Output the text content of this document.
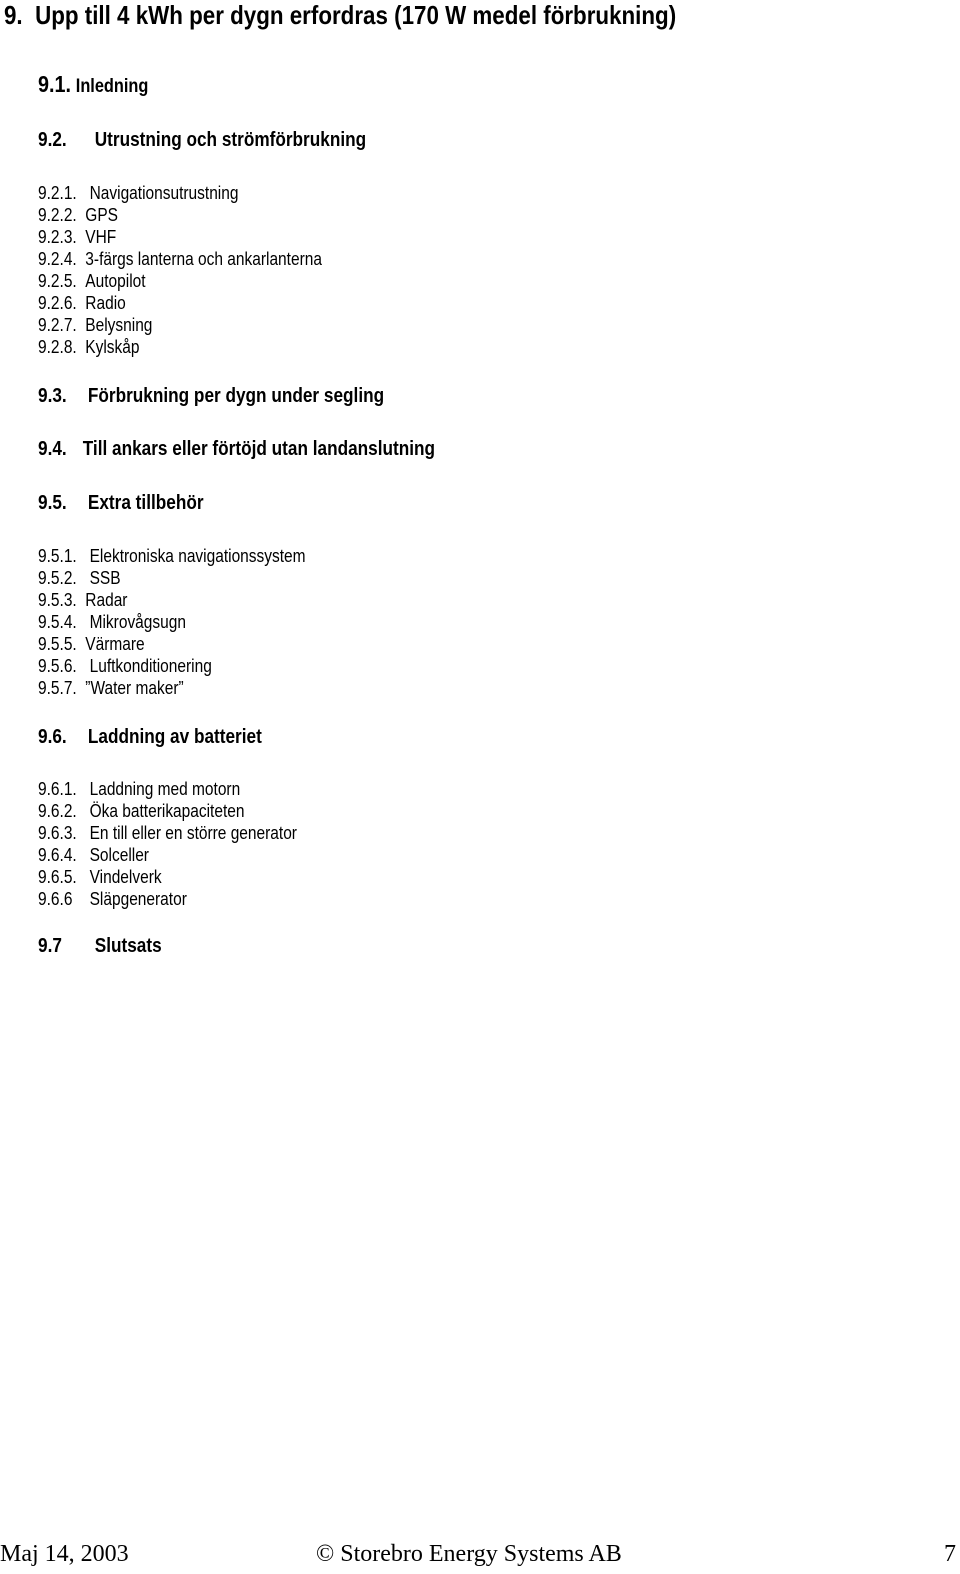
9. Upp till 4 kWh per dygn erfordras (170 W medel förbrukning)
9.1. Inledning
9.2. Utrustning och strömförbrukning
9.2.1. Navigationsutrustning
9.2.2. GPS
9.2.3. VHF
9.2.4. 3-färgs lanterna och ankarlanterna
9.2.5. Autopilot
9.2.6. Radio
9.2.7. Belysning
9.2.8. Kylskåp
9.3. Förbrukning per dygn under segling
9.4. Till ankars eller förtöjd utan landanslutning
9.5. Extra tillbehör
9.5.1. Elektroniska navigationssystem
9.5.2. SSB
9.5.3. Radar
9.5.4. Mikrovågsugn
9.5.5. Värmare
9.5.6. Luftkonditionering
9.5.7. ”Water maker”
9.6. Laddning av batteriet
9.6.1. Laddning med motorn
9.6.2. Öka batterikapaciteten
9.6.3. En till eller en större generator
9.6.4. Solceller
9.6.5. Vindelverk
9.6.6 Släpgenerator
9.7 Slutsats
Maj 14, 2003	© Storebro Energy Systems AB	7
